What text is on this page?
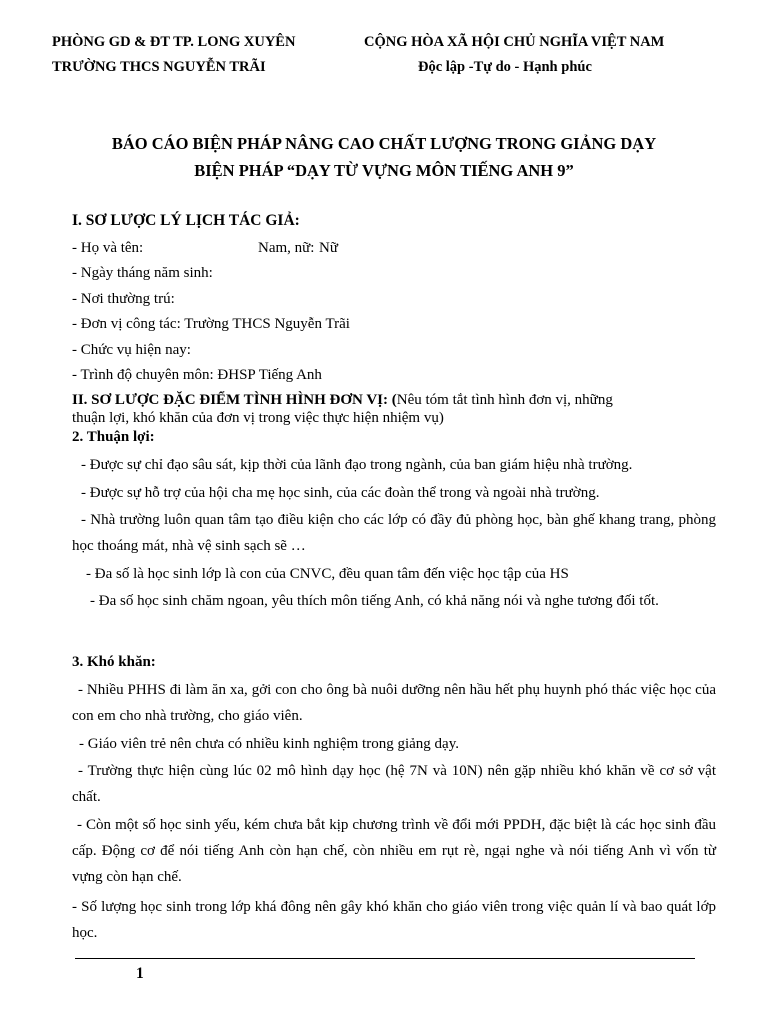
PHÒNG GD & ĐT TP. LONG XUYÊN
TRƯỜNG THCS NGUYỄN TRÃI
CỘNG HÒA XÃ HỘI CHỦ NGHĨA VIỆT NAM
Độc lập -Tự do - Hạnh phúc
BÁO CÁO BIỆN PHÁP NÂNG CAO CHẤT LƯỢNG TRONG GIẢNG DẠY
BIỆN PHÁP “DẠY TỪ VỰNG MÔN TIẾNG ANH 9”
I. SƠ LƯỢC LÝ LỊCH TÁC GIẢ:
- Họ và tên:	Nam, nữ: Nữ
- Ngày tháng năm sinh:
- Nơi thường trú:
- Đơn vị công tác: Trường THCS Nguyễn Trãi
- Chức vụ hiện nay:
- Trình độ chuyên môn: ĐHSP Tiếng Anh
II. SƠ LƯỢC ĐẶC ĐIỂM TÌNH HÌNH ĐƠN VỊ: (Nêu tóm tắt tình hình đơn vị, những
thuận lợi, khó khăn của đơn vị trong việc thực hiện nhiệm vụ)
2. Thuận lợi:
- Được sự chỉ đạo sâu sát, kịp thời của lãnh đạo trong ngành, của ban giám hiệu nhà trường.
- Được sự hỗ trợ của hội cha mẹ học sinh, của các đoàn thể trong và ngoài nhà trường.
- Nhà trường luôn quan tâm tạo điều kiện cho các lớp có đầy đủ phòng học, bàn ghế khang trang, phòng học thoáng mát, nhà vệ sinh sạch sẽ …
- Đa số là học sinh lớp là con của CNVC, đều quan tâm đến việc học tập của HS
- Đa số học sinh chăm ngoan, yêu thích môn tiếng Anh, có khả năng nói và nghe tương đối tốt.
3. Khó khăn:
- Nhiều PHHS đi làm ăn xa, gởi con cho ông bà nuôi dưỡng nên hầu hết phụ huynh phó thác việc học của con em cho nhà trường, cho giáo viên.
- Giáo viên trẻ nên chưa có nhiều kinh nghiệm trong giảng dạy.
- Trường thực hiện cùng lúc 02 mô hình dạy học (hệ 7N và 10N) nên gặp nhiều khó khăn về cơ sở vật chất.
- Còn một số học sinh yếu, kém chưa bắt kịp chương trình về đổi mới PPDH, đặc biệt là các học sinh đầu cấp. Động cơ để nói tiếng Anh còn hạn chế, còn nhiều em rụt rè, ngại nghe và nói tiếng Anh vì vốn từ vựng còn hạn chế.
- Số lượng học sinh trong lớp khá đông nên gây khó khăn cho giáo viên trong việc quản lí và bao quát lớp học.
1
